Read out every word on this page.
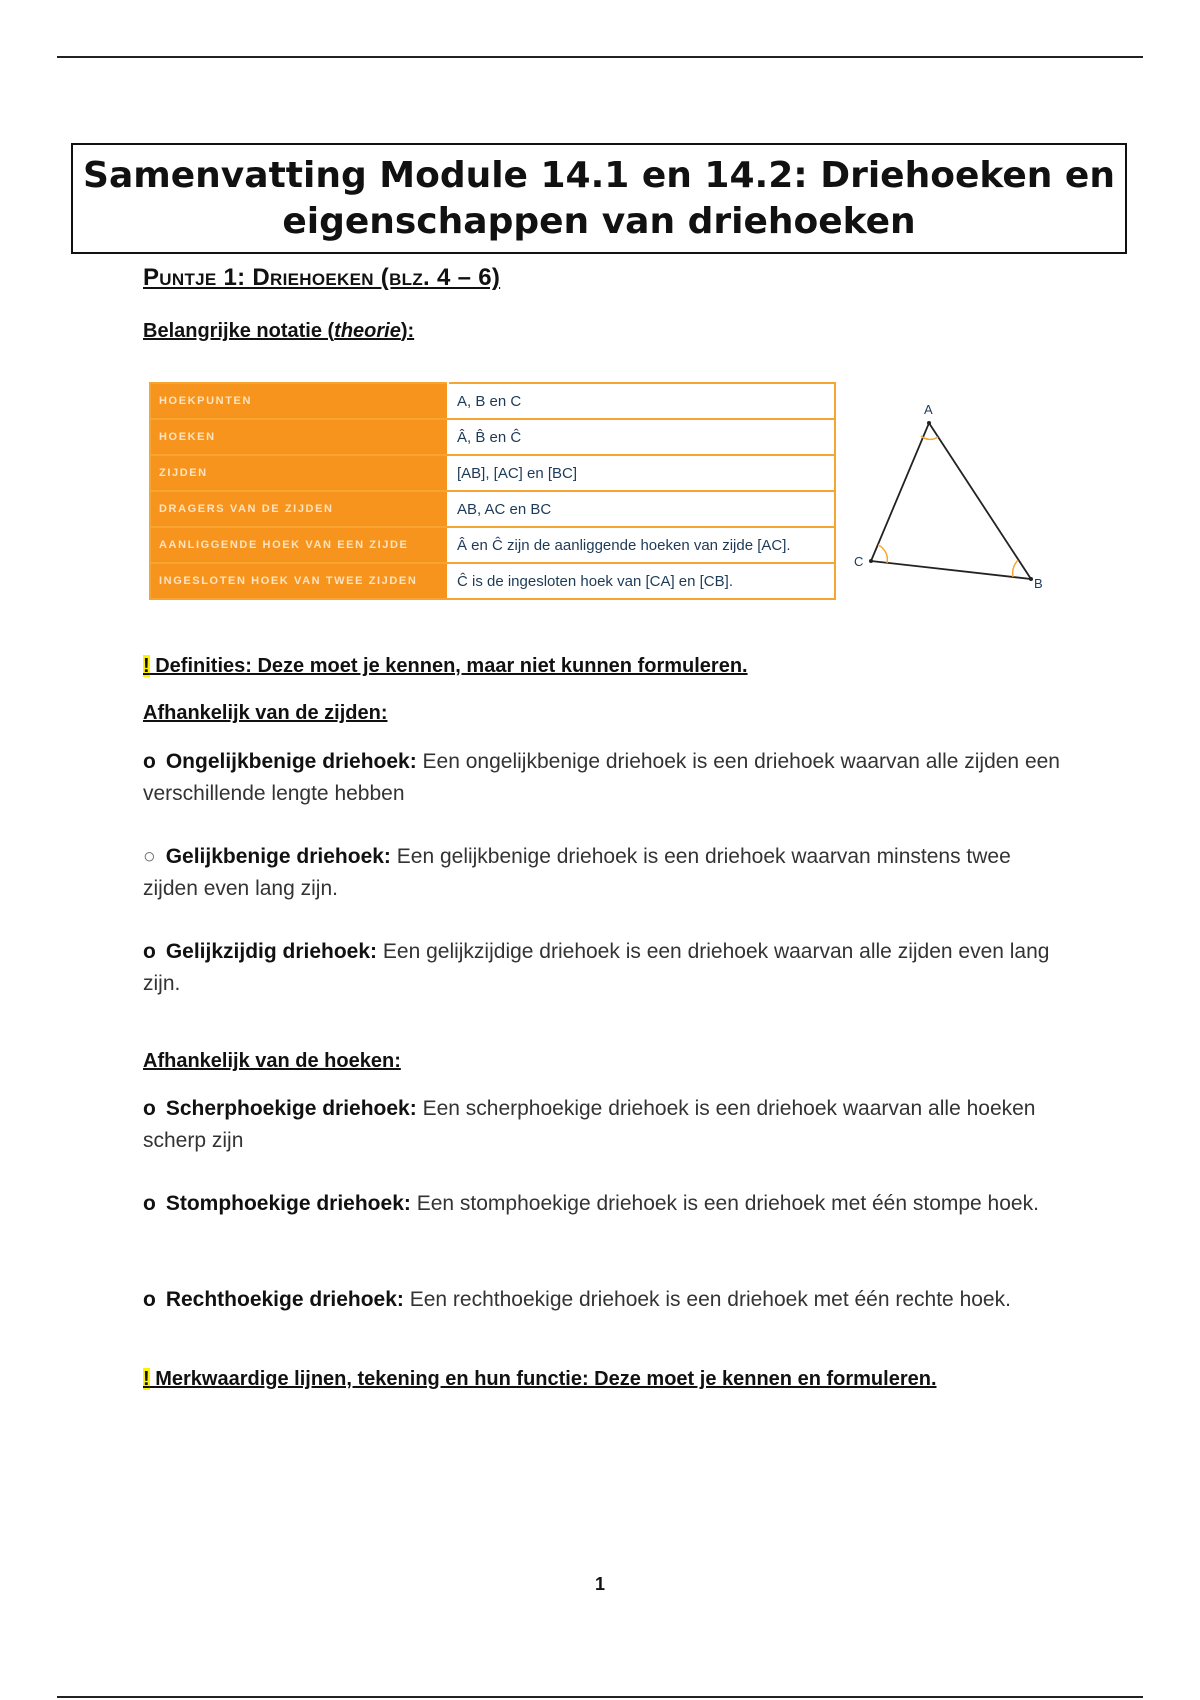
Samenvatting Module 14.1 en 14.2: Driehoeken en eigenschappen van driehoeken
Puntje 1: Driehoeken (blz. 4 – 6)

Belangrijke notatie (theorie):

HOEKPUNTEN	A, B en C
HOEKEN	Â, B̂ en Ĉ
ZIJDEN	[AB], [AC] en [BC]
DRAGERS VAN DE ZIJDEN	AB, AC en BC
AANLIGGENDE HOEK VAN EEN ZIJDE	Â en Ĉ zijn de aanliggende hoeken van zijde [AC].
INGESLOTEN HOEK VAN TWEE ZIJDEN	Ĉ is de ingesloten hoek van [CA] en [CB].
A
B
C

! Definities: Deze moet je kennen, maar niet kunnen formuleren.

Afhankelijk van de zijden:

o Ongelijkbenige driehoek: Een ongelijkbenige driehoek is een driehoek waarvan alle zijden een verschillende lengte hebben

○ Gelijkbenige driehoek: Een gelijkbenige driehoek is een driehoek waarvan minstens twee zijden even lang zijn.

o Gelijkzijdig driehoek: Een gelijkzijdige driehoek is een driehoek waarvan alle zijden even lang zijn.

Afhankelijk van de hoeken:

o Scherphoekige driehoek: Een scherphoekige driehoek is een driehoek waarvan alle hoeken scherp zijn

o Stomphoekige driehoek: Een stomphoekige driehoek is een driehoek met één stompe hoek.

o Rechthoekige driehoek: Een rechthoekige driehoek is een driehoek met één rechte hoek.

! Merkwaardige lijnen, tekening en hun functie: Deze moet je kennen en formuleren.

1
